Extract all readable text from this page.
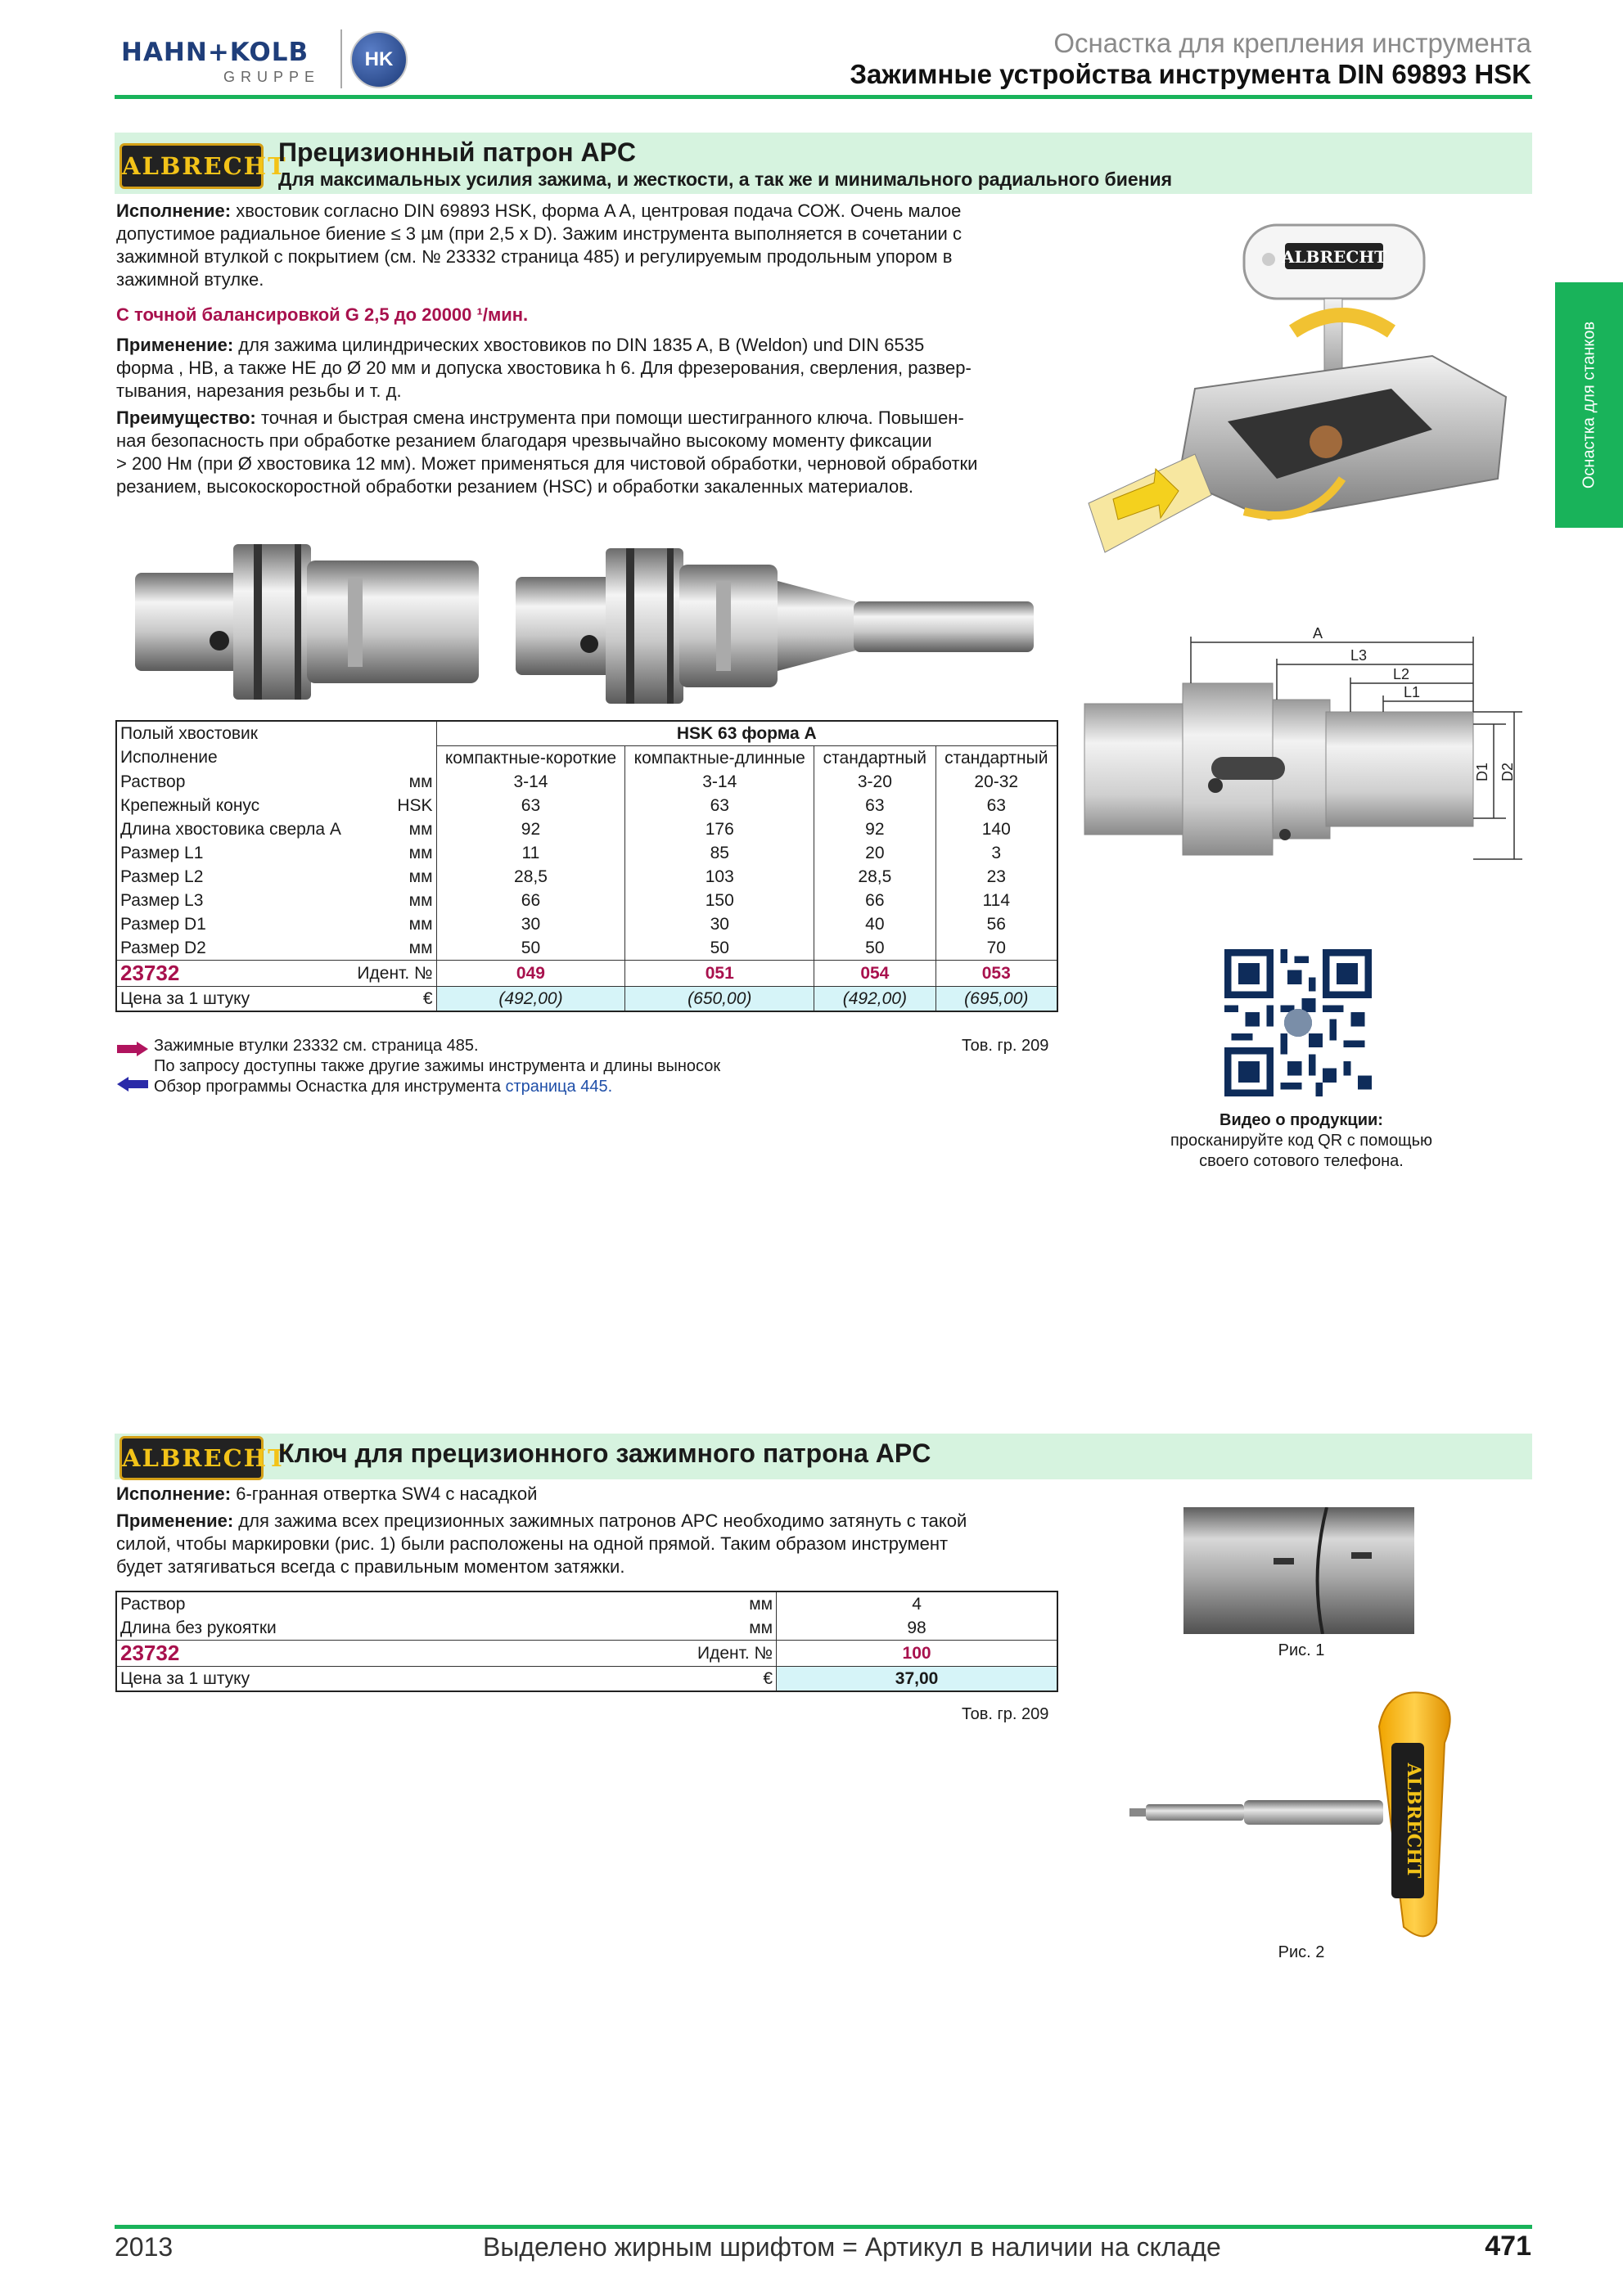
HAHN+KOLB
GRUPPE
HK
Оснастка для крепления инструмента
Зажимные устройства инструмента DIN 69893 HSK
Оснастка для станков
ALBRECHT
Прецизионный патрон APC
Для максимальных усилия зажима, и жесткости, а так же и минимального радиального биения
Исполнение: хвостовик согласно DIN 69893 HSK, форма A A, центровая подача СОЖ. Очень малое
допустимое радиальное биение ≤ 3 µм (при 2,5 x D). Зажим инструмента выполняется в сочетании с
зажимной втулкой с покрытием (см. № 23332 страница 485) и регулируемым продольным упором в
зажимной втулке.
С точной балансировкой G 2,5 до 20000 ¹/мин.
Применение: для зажима цилиндрических хвостовиков по DIN 1835 A, B (Weldon) und DIN 6535
форма , HB, а также HE до Ø 20 мм и допуска хвостовика h 6. Для фрезерования, сверления, развер-
тывания, нарезания резьбы и т. д.
Преимущество: точная и быстрая смена инструмента при помощи шестигранного ключа. Повышен-
ная безопасность при обработке резанием благодаря чрезвычайно высокому моменту фиксации
> 200 Нм (при Ø хвостовика 12 мм). Может применяться для чистовой обработки, черновой обработки
резанием, высокоскоростной обработки резанием (HSC) и обработки закаленных материалов.
ALBRECHT
A
L3
L2
L1
D1 D2
Полый хвостовик		HSK 63 форма A			
Исполнение		компактные-короткие	компактные-длинные	стандартный	стандартный
Раствор	мм	3-14	3-14	3-20	20-32
Крепежный конус	HSK	63	63	63	63
Длина хвостовика сверла A	мм	92	176	92	140
Размер L1	мм	11	85	20	3
Размер L2	мм	28,5	103	28,5	23
Размер L3	мм	66	150	66	114
Размер D1	мм	30	30	40	56
Размер D2	мм	50	50	50	70
23732	Идент. №	049	051	054	053
Цена за 1 штуку	€	(492,00)	(650,00)	(492,00)	(695,00)
Зажимные втулки 23332 см. страница 485.
По запросу доступны также другие зажимы инструмента и длины выносок
Обзор программы Оснастка для инструмента страница 445.
Тов. гр. 209
Видео о продукции:
просканируйте код QR с помощью
своего сотового телефона.
ALBRECHT
Ключ для прецизионного зажимного патрона APC
Исполнение: 6-гранная отвертка SW4 с насадкой
Применение: для зажима всех прецизионных зажимных патронов APC необходимо затянуть с такой
силой, чтобы маркировки (рис. 1) были расположены на одной прямой. Таким образом инструмент
будет затягиваться всегда с правильным моментом затяжки.
Раствор	мм	4
Длина без рукоятки	мм	98
23732	Идент. №	100
Цена за 1 штуку	€	37,00
Тов. гр. 209
Рис. 1
ALBRECHT
Рис. 2
2013	Выделено жирным шрифтом = Артикул в наличии на складе	471
